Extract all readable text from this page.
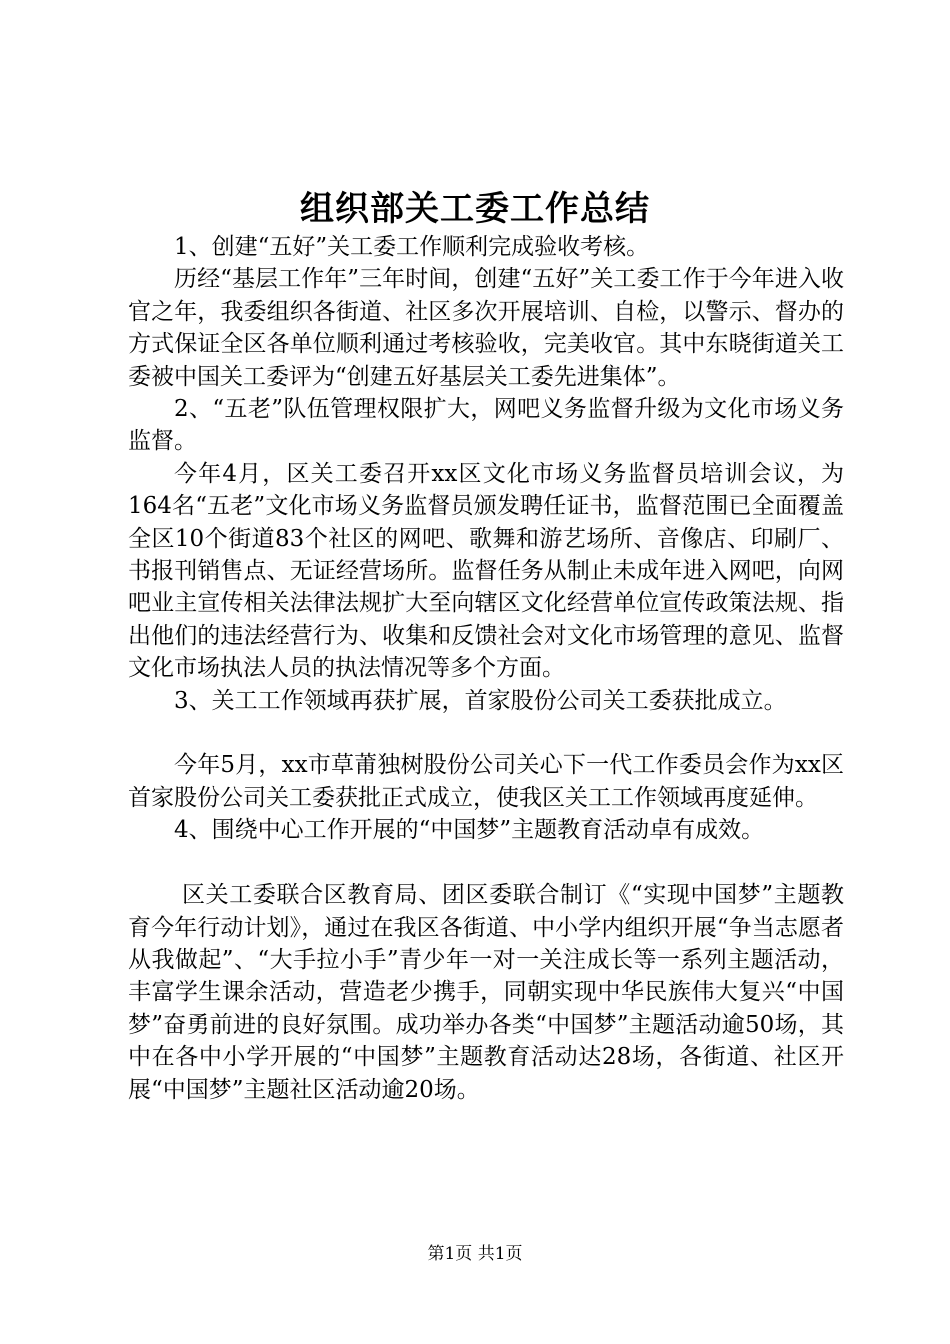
组织部关工委工作总结

1、创建“五好”关工委工作顺利完成验收考核。

历经“基层工作年”三年时间，创建“五好”关工委工作于今年进入收官之年，我委组织各街道、社区多次开展培训、自检，以警示、督办的方式保证全区各单位顺利通过考核验收，完美收官。其中东晓街道关工委被中国关工委评为“创建五好基层关工委先进集体”。

2、“五老”队伍管理权限扩大，网吧义务监督升级为文化市场义务监督。

今年4月，区关工委召开xx区文化市场义务监督员培训会议，为164名“五老”文化市场义务监督员颁发聘任证书，监督范围已全面覆盖全区10个街道83个社区的网吧、歌舞和游艺场所、音像店、印刷厂、书报刊销售点、无证经营场所。监督任务从制止未成年进入网吧，向网吧业主宣传相关法律法规扩大至向辖区文化经营单位宣传政策法规、指出他们的违法经营行为、收集和反馈社会对文化市场管理的意见、监督文化市场执法人员的执法情况等多个方面。

3、关工工作领域再获扩展，首家股份公司关工委获批成立。

今年5月，xx市草莆独树股份公司关心下一代工作委员会作为xx区首家股份公司关工委获批正式成立，使我区关工工作领域再度延伸。

4、围绕中心工作开展的“中国梦”主题教育活动卓有成效。

区关工委联合区教育局、团区委联合制订《“实现中国梦”主题教育今年行动计划》，通过在我区各街道、中小学内组织开展“争当志愿者从我做起”、“大手拉小手”青少年一对一关注成长等一系列主题活动，丰富学生课余活动，营造老少携手，同朝实现中华民族伟大复兴“中国梦”奋勇前进的良好氛围。成功举办各类“中国梦”主题活动逾50场，其中在各中小学开展的“中国梦”主题教育活动达28场，各街道、社区开展“中国梦”主题社区活动逾20场。

第1页 共1页
